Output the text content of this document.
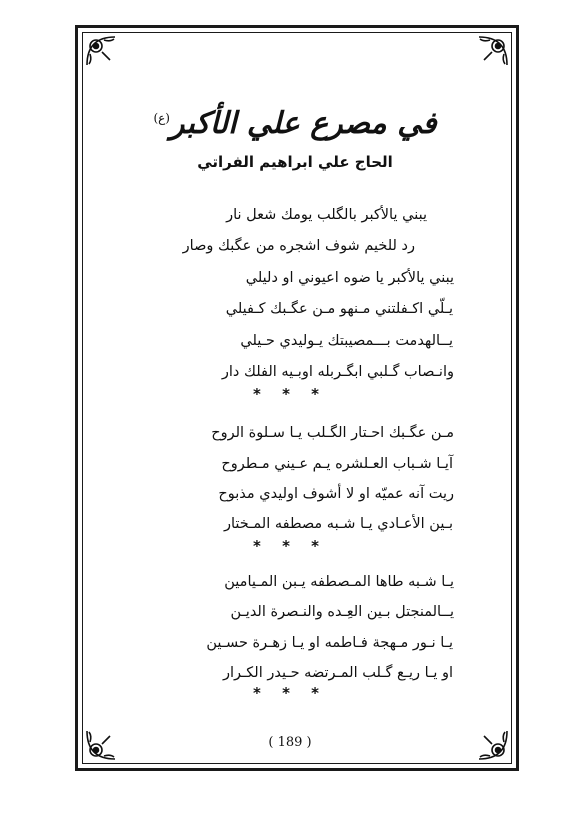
في مصرع علي الأكبر$^{(ع)}$
الحاج علي ابراهيم الفراتي
يبني يالأكبر بالگلب يومك شعل نار
رد للخيم شوف اشجره من عگبك وصار
يبني يالأكبر يا ضوه اعيوني او دليلي
يـلّي اكـفلتني مـنهو مـن عگـبك كـفيلي
يــالهدمت بـــمصيبتك يـوليدي حـيلي
وانـصاب گـلبي ابگـربله اوبـيه الفلك دار
* * *
مـن عگـبك احـتار الگـلب يـا سـلوة الروح
آيـا شـباب العـلشره يـم عـيني مـطروح
ريت آنه عميّه او لا أشوف اوليدي مذبوح
بـين الأعـادي يـا شـبه مصطفه المـختار
* * *
يـا شـبه طاها المـصطفه يـبن المـيامين
يــالمنجتل بـين العِـده والنـصرة الديـن
يـا نـور مـهجة فـاطمه او يـا زهـرة حسـين
او يـا ريـع گـلب المـرتضه حـيدر الكـرار
* * *
( 189 )
